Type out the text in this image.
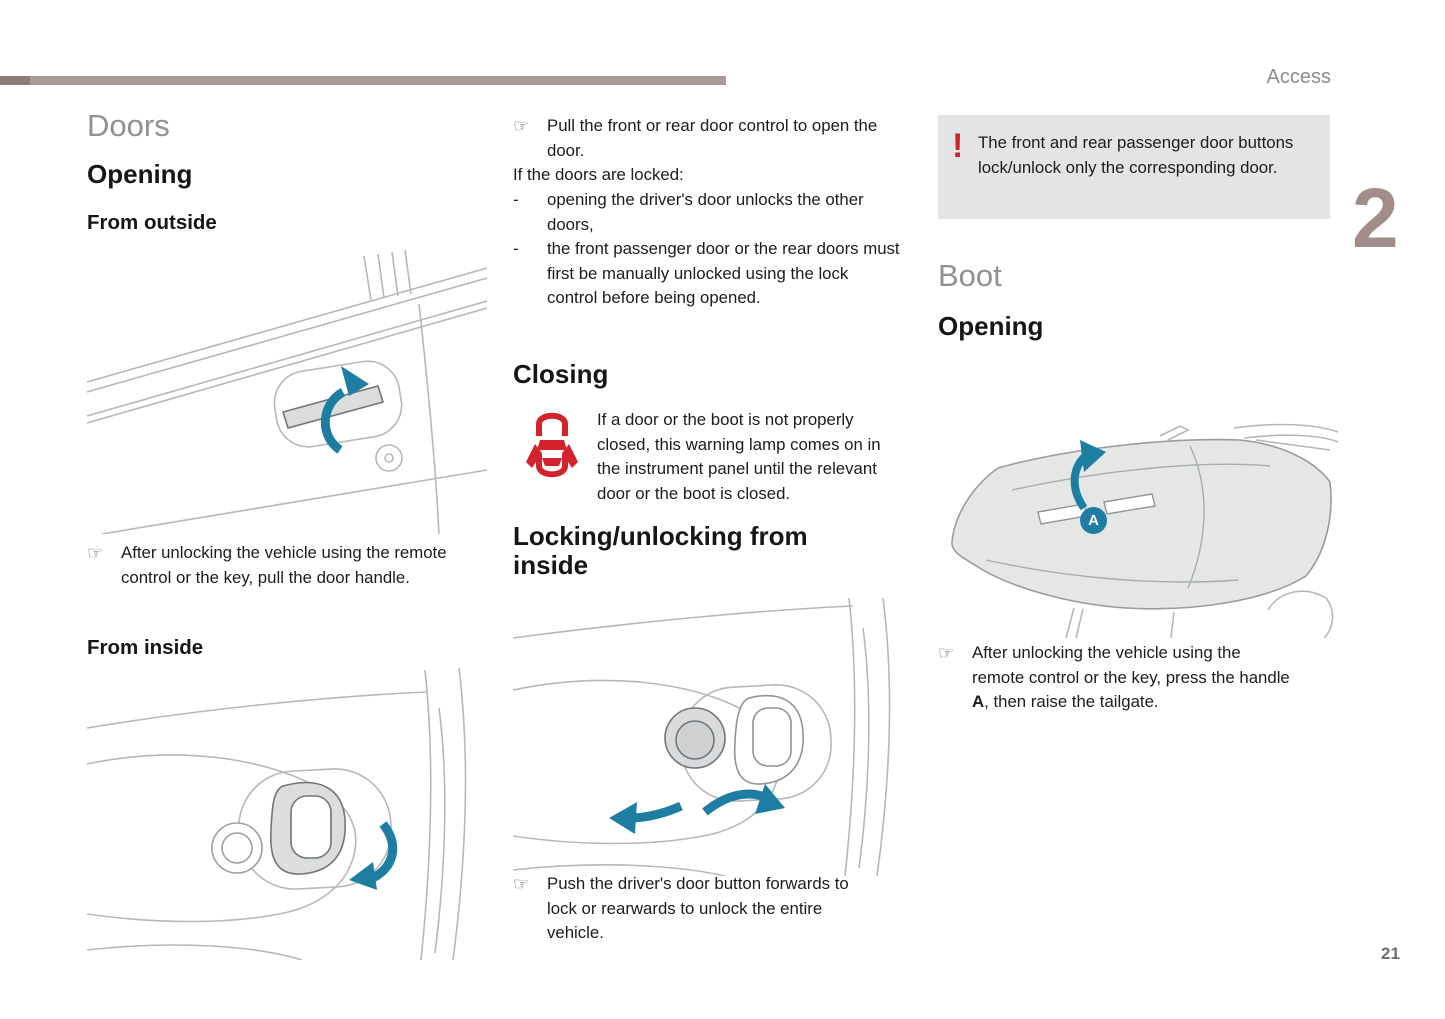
Access
2
21
Doors
Opening
From outside
☞	After unlocking the vehicle using the remote control or the key, pull the door handle.
From inside
☞	Pull the front or rear door control to open the door.
If the doors are locked:
-	opening the driver's door unlocks the other doors,
-	the front passenger door or the rear doors must first be manually unlocked using the lock control before being opened.
Closing
If a door or the boot is not properly closed, this warning lamp comes on in the instrument panel until the relevant door or the boot is closed.
Locking/unlocking from inside
☞	Push the driver's door button forwards to lock or rearwards to unlock the entire vehicle.
! The front and rear passenger door buttons lock/unlock only the corresponding door.
Boot
Opening
A
☞	After unlocking the vehicle using the remote control or the key, press the handle A, then raise the tailgate.
